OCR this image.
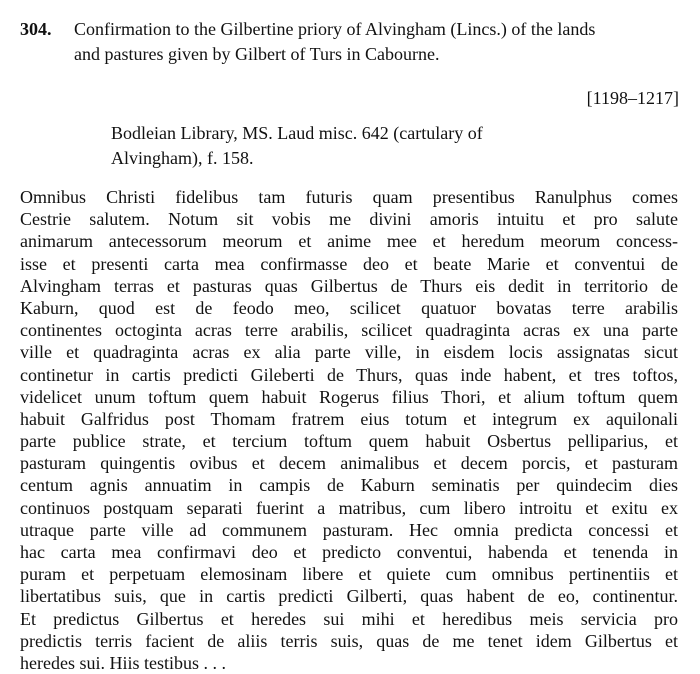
304. Confirmation to the Gilbertine priory of Alvingham (Lincs.) of the lands
and pastures given by Gilbert of Turs in Cabourne.
[1198–1217]
Bodleian Library, MS. Laud misc. 642 (cartulary of
Alvingham), f. 158.
Omnibus Christi fidelibus tam futuris quam presentibus Ranulphus comes
Cestrie salutem. Notum sit vobis me divini amoris intuitu et pro salute
animarum antecessorum meorum et anime mee et heredum meorum concess-
isse et presenti carta mea confirmasse deo et beate Marie et conventui de
Alvingham terras et pasturas quas Gilbertus de Thurs eis dedit in territorio de
Kaburn, quod est de feodo meo, scilicet quatuor bovatas terre arabilis
continentes octoginta acras terre arabilis, scilicet quadraginta acras ex una parte
ville et quadraginta acras ex alia parte ville, in eisdem locis assignatas sicut
continetur in cartis predicti Gileberti de Thurs, quas inde habent, et tres toftos,
videlicet unum toftum quem habuit Rogerus filius Thori, et alium toftum quem
habuit Galfridus post Thomam fratrem eius totum et integrum ex aquilonali
parte publice strate, et tercium toftum quem habuit Osbertus pelliparius, et
pasturam quingentis ovibus et decem animalibus et decem porcis, et pasturam
centum agnis annuatim in campis de Kaburn seminatis per quindecim dies
continuos postquam separati fuerint a matribus, cum libero introitu et exitu ex
utraque parte ville ad communem pasturam. Hec omnia predicta concessi et
hac carta mea confirmavi deo et predicto conventui, habenda et tenenda in
puram et perpetuam elemosinam libere et quiete cum omnibus pertinentiis et
libertatibus suis, que in cartis predicti Gilberti, quas habent de eo, continentur.
Et predictus Gilbertus et heredes sui mihi et heredibus meis servicia pro
predictis terris facient de aliis terris suis, quas de me tenet idem Gilbertus et
heredes sui. Hiis testibus . . .
